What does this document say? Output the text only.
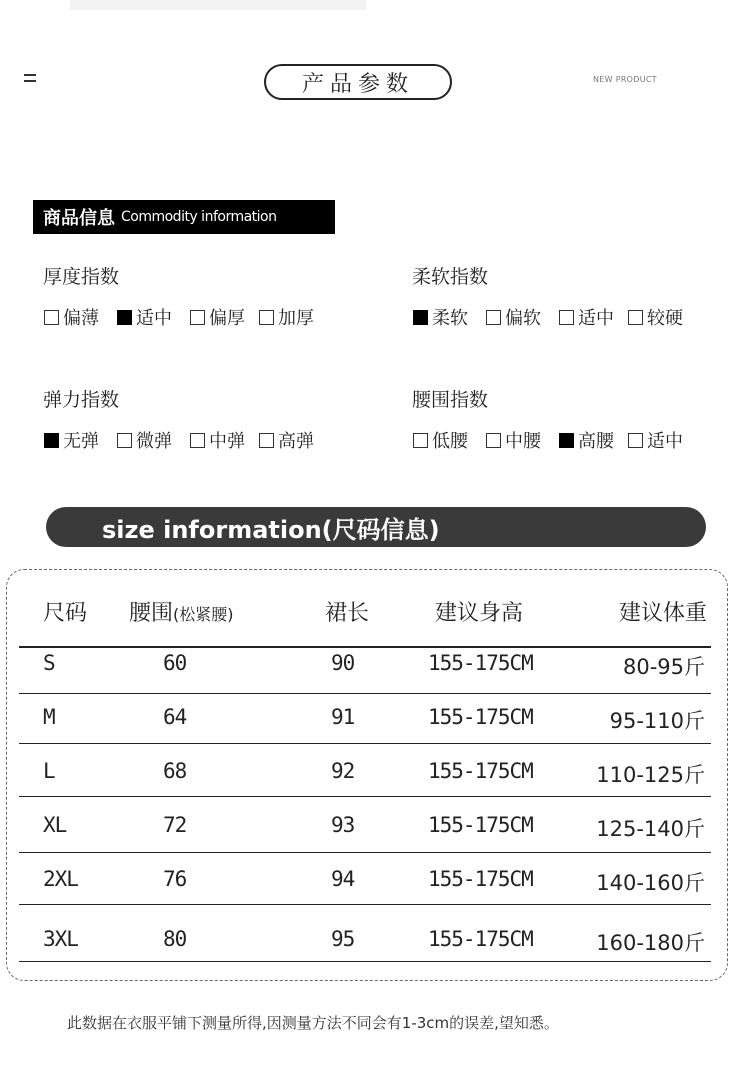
产品参数	NEW PRODUCT
商品信息 Commodity information
厚度指数
偏薄 适中 偏厚 加厚
柔软指数
柔软 偏软 适中 较硬
弹力指数
无弹 微弹 中弹 高弹
腰围指数
低腰 中腰 高腰 适中
size information(尺码信息)
尺码 腰围(松紧腰)	裙长	建议身高	建议体重
S	60	90	155-175CM	80-95斤
M	64	91	155-175CM	95-110斤
L	68	92	155-175CM	110-125斤
XL	72	93	155-175CM	125-140斤
2XL	76	94	155-175CM	140-160斤
3XL	80	95	155-175CM	160-180斤
此数据在衣服平铺下测量所得,因测量方法不同会有1-3cm的误差,望知悉。
